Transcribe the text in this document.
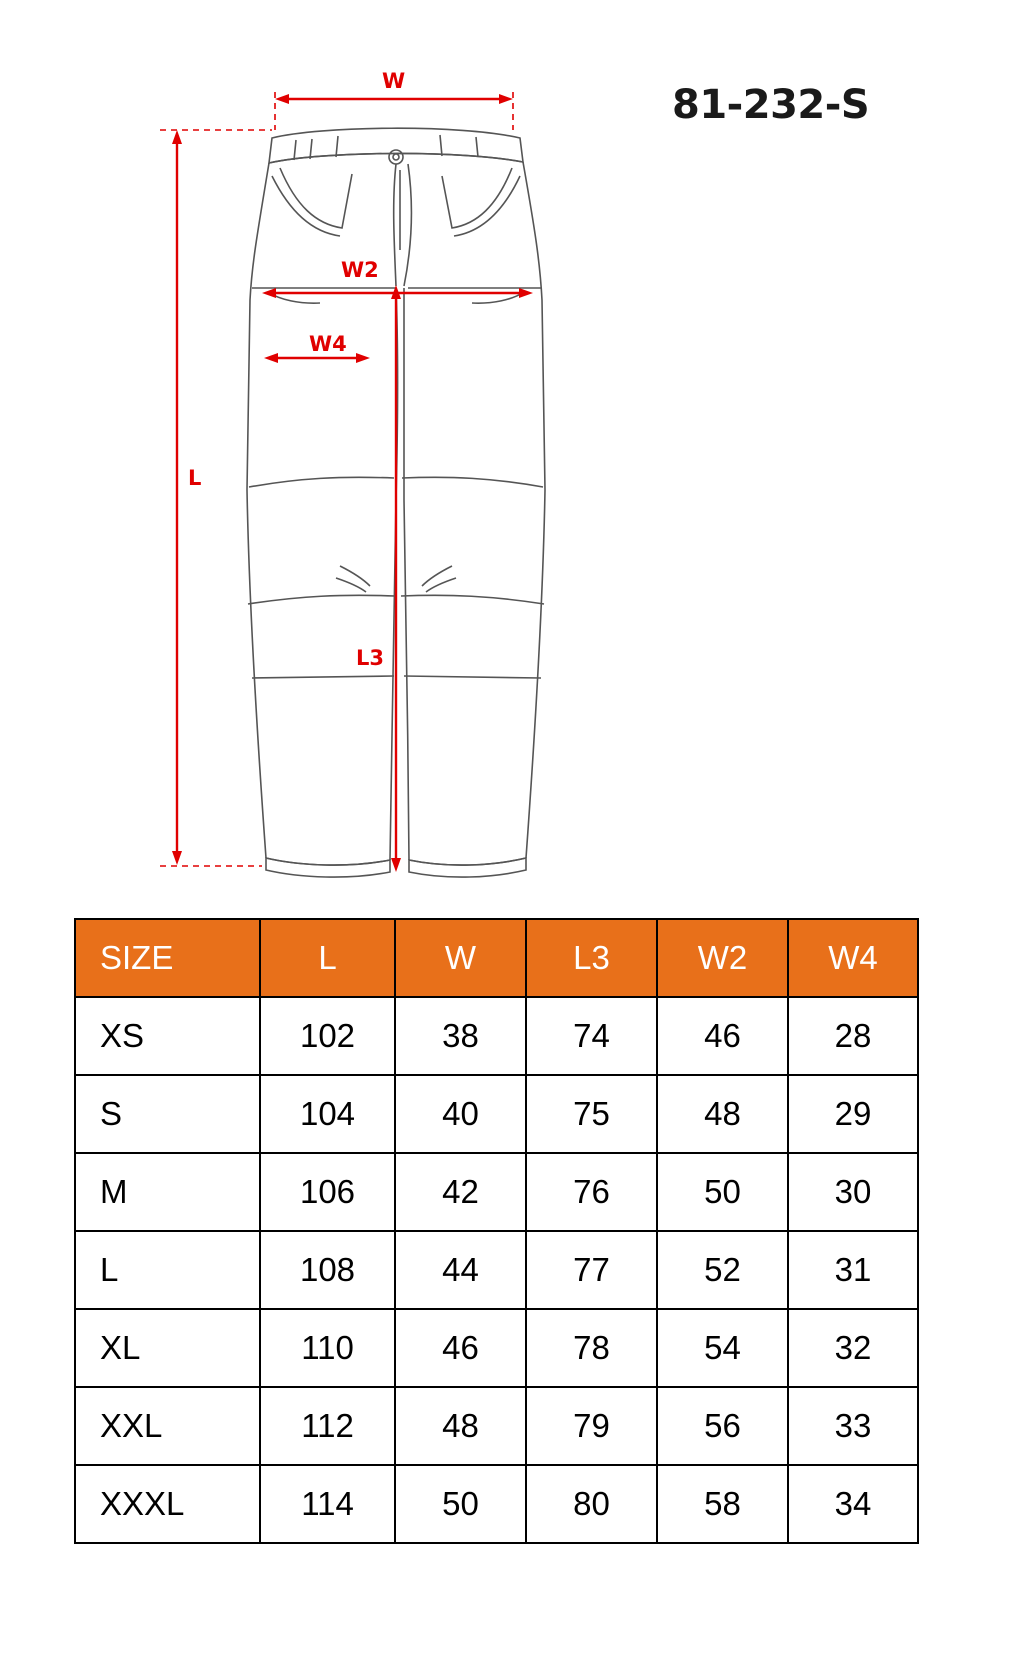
81-232-S
W
W2
W4
L
L3
SIZE	L	W	L3	W2	W4
XS	102	38	74	46	28
S	104	40	75	48	29
M	106	42	76	50	30
L	108	44	77	52	31
XL	110	46	78	54	32
XXL	112	48	79	56	33
XXXL	114	50	80	58	34
